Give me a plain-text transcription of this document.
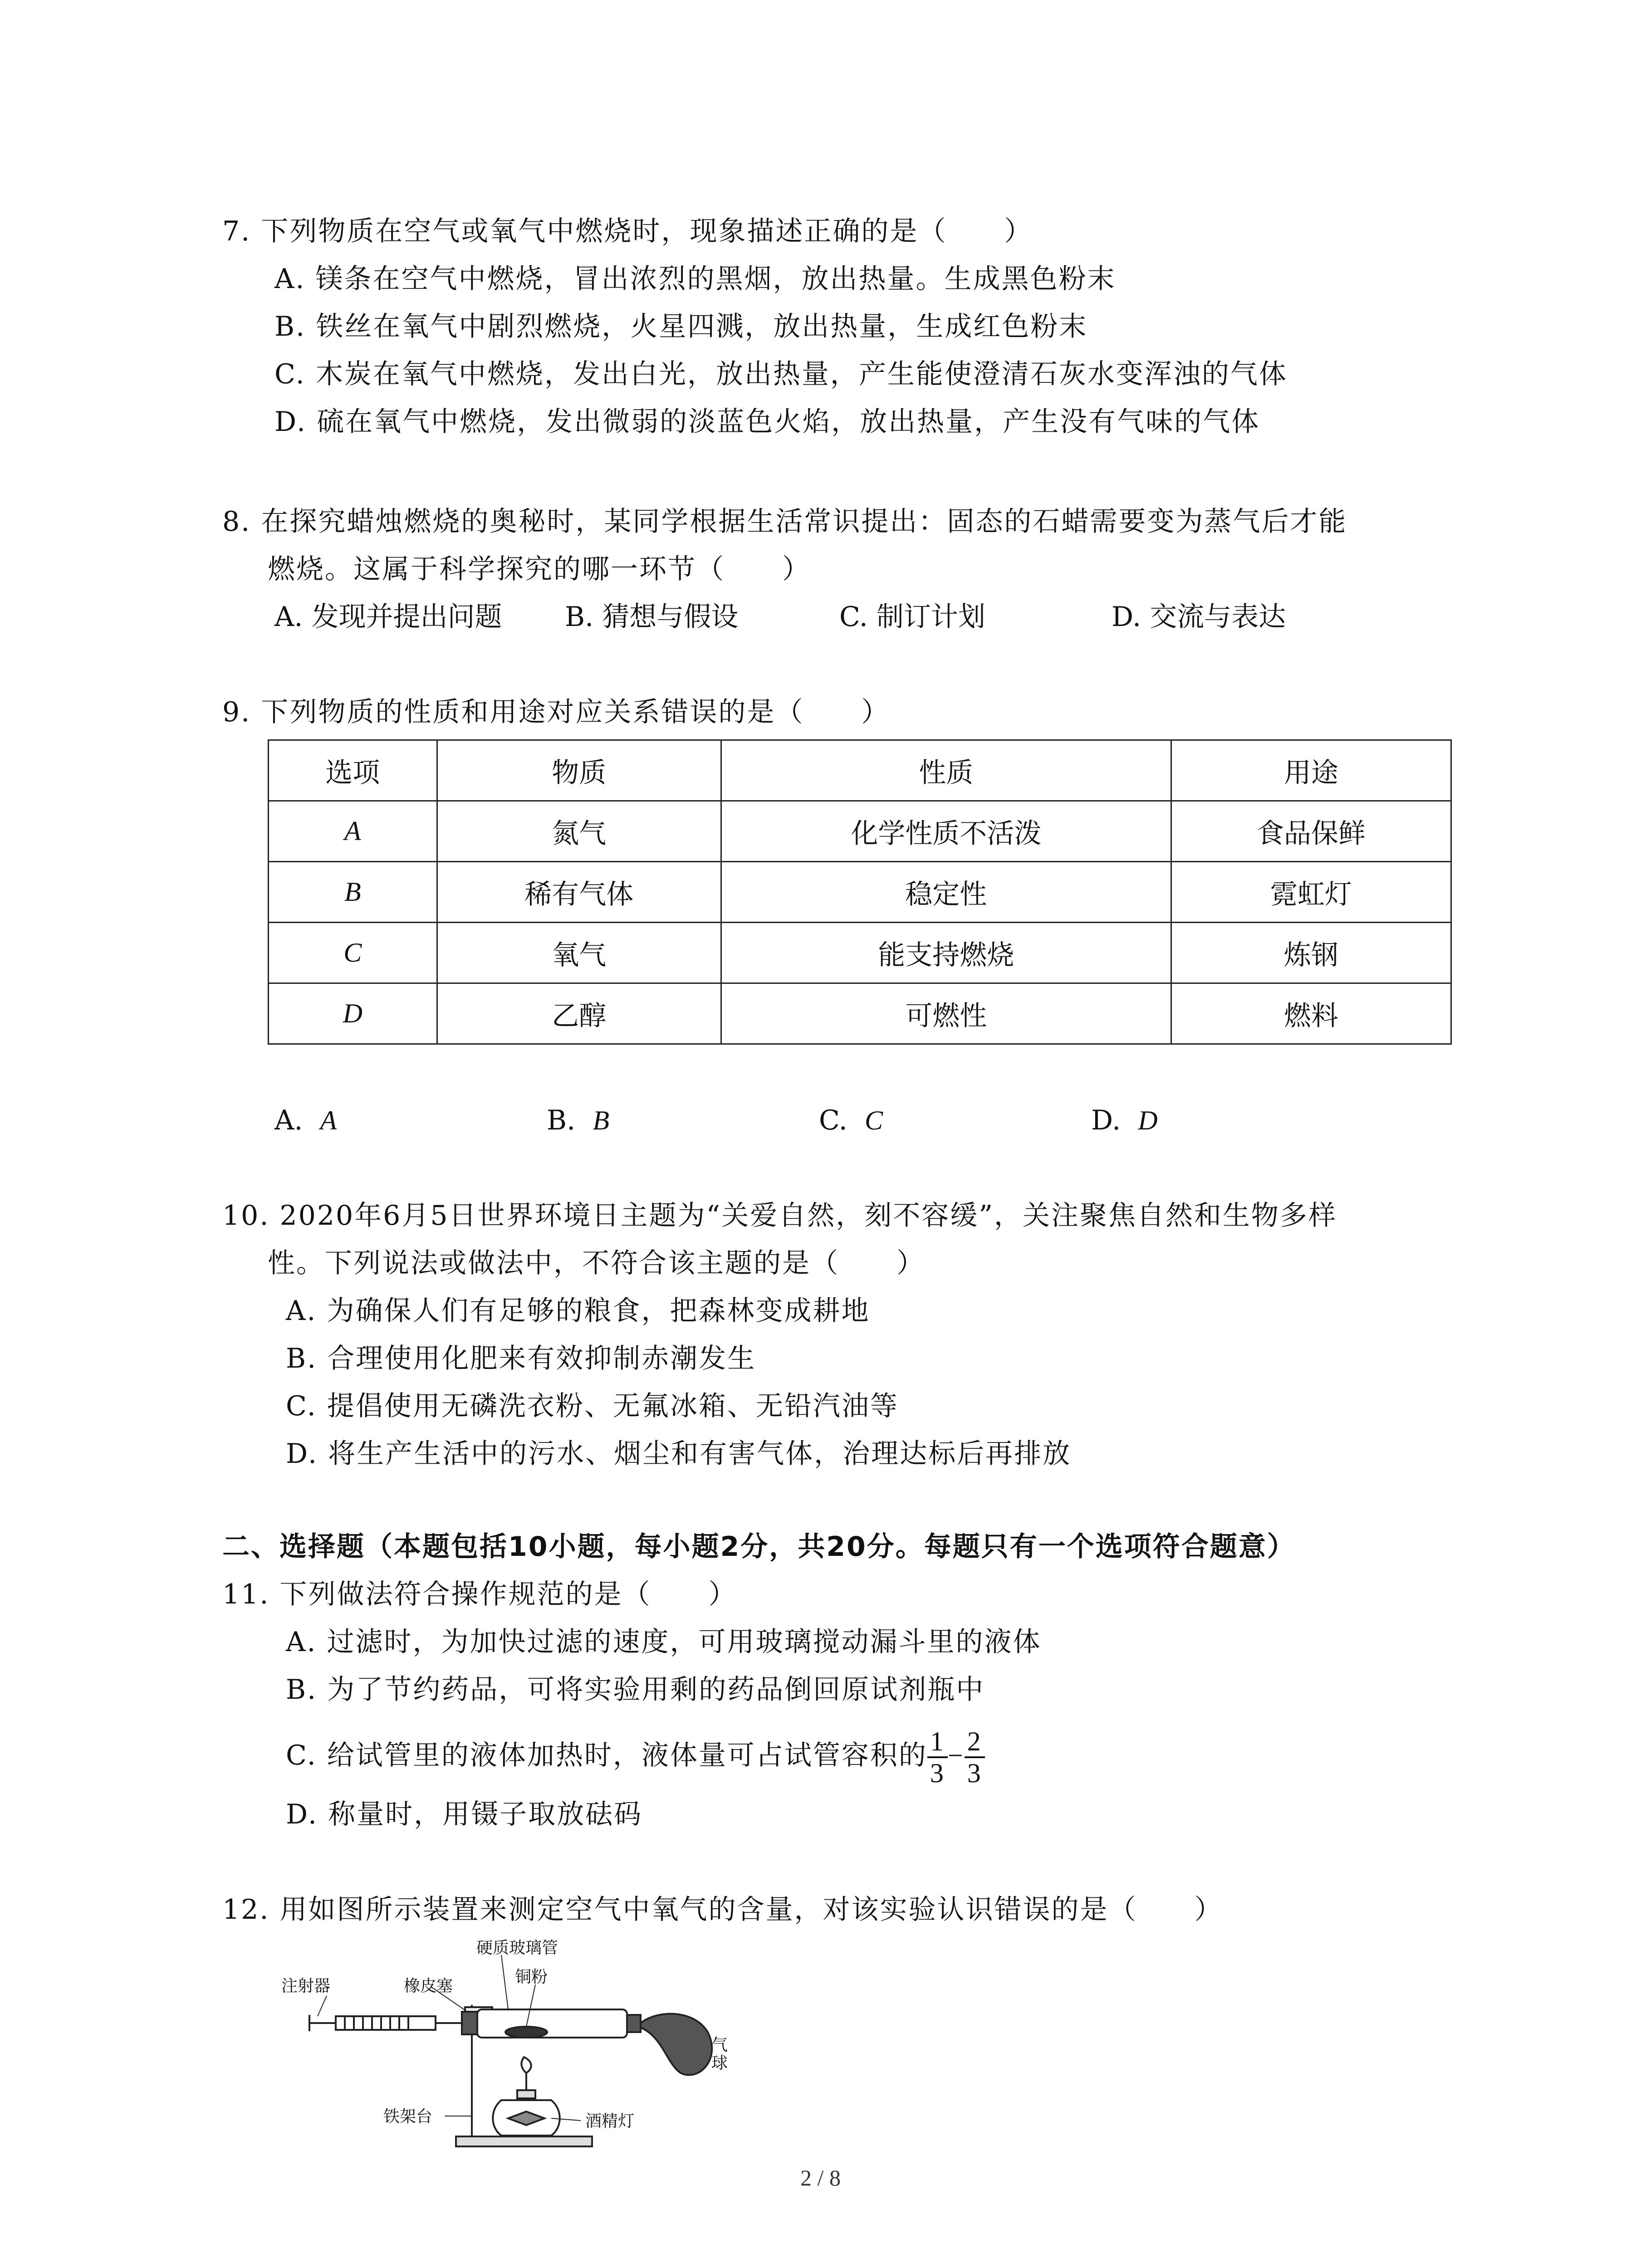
7. 下列物质在空气或氧气中燃烧时，现象描述正确的是（　　）
A. 镁条在空气中燃烧，冒出浓烈的黑烟，放出热量。生成黑色粉末
B. 铁丝在氧气中剧烈燃烧，火星四溅，放出热量，生成红色粉末
C. 木炭在氧气中燃烧，发出白光，放出热量，产生能使澄清石灰水变浑浊的气体
D. 硫在氧气中燃烧，发出微弱的淡蓝色火焰，放出热量，产生没有气味的气体
8. 在探究蜡烛燃烧的奥秘时，某同学根据生活常识提出：固态的石蜡需要变为蒸气后才能
燃烧。这属于科学探究的哪一环节（　　）
A. 发现并提出问题 B. 猜想与假设	C. 制订计划	D. 交流与表达
9. 下列物质的性质和用途对应关系错误的是（　　）
选项	物质	性质	用途
A	氮气	化学性质不活泼	食品保鲜
B	稀有气体	稳定性	霓虹灯
C	氧气	能支持燃烧	炼钢
D	乙醇	可燃性	燃料
A. A	B. B	C. C	D. D
10. 2020年6月5日世界环境日主题为“关爱自然，刻不容缓”，关注聚焦自然和生物多样
性。下列说法或做法中，不符合该主题的是（　　）
A. 为确保人们有足够的粮食，把森林变成耕地
B. 合理使用化肥来有效抑制赤潮发生
C. 提倡使用无磷洗衣粉、无氟冰箱、无铅汽油等
D. 将生产生活中的污水、烟尘和有害气体，治理达标后再排放
二、选择题（本题包括10小题，每小题2分，共20分。每题只有一个选项符合题意）
11. 下列做法符合操作规范的是（　　）
A. 过滤时，为加快过滤的速度，可用玻璃搅动漏斗里的液体
B. 为了节约药品，可将实验用剩的药品倒回原试剂瓶中
C. 给试管里的液体加热时，液体量可占试管容积的 $\frac{1}{3} - \frac{2}{3}$
D. 称量时，用镊子取放砝码
12. 用如图所示装置来测定空气中氧气的含量，对该实验认识错误的是（　　）
注射器	橡皮塞
硬质玻璃管
铜粉
气
球
铁架台	酒精灯
2 / 8
